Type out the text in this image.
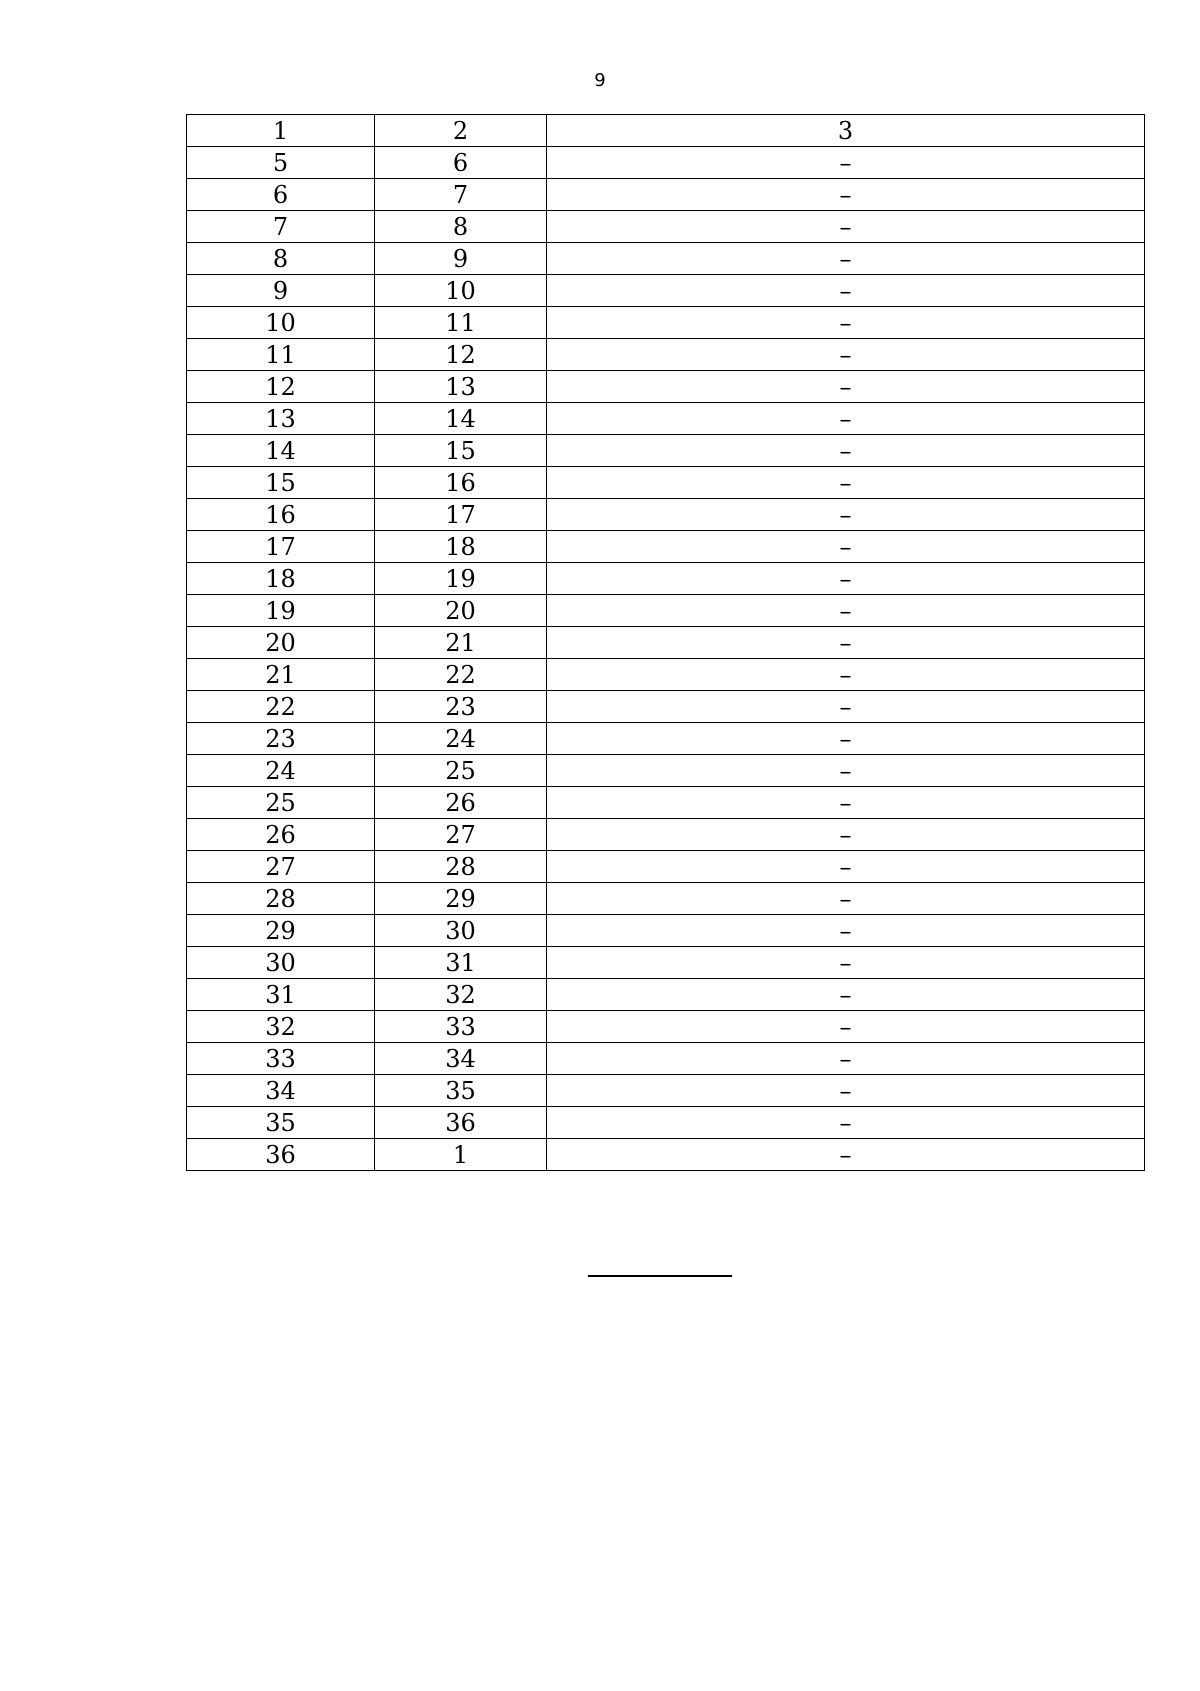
9
1	2	3
5	6	–
6	7	–
7	8	–
8	9	–
9	10	–
10	11	–
11	12	–
12	13	–
13	14	–
14	15	–
15	16	–
16	17	–
17	18	–
18	19	–
19	20	–
20	21	–
21	22	–
22	23	–
23	24	–
24	25	–
25	26	–
26	27	–
27	28	–
28	29	–
29	30	–
30	31	–
31	32	–
32	33	–
33	34	–
34	35	–
35	36	–
36	1	–
